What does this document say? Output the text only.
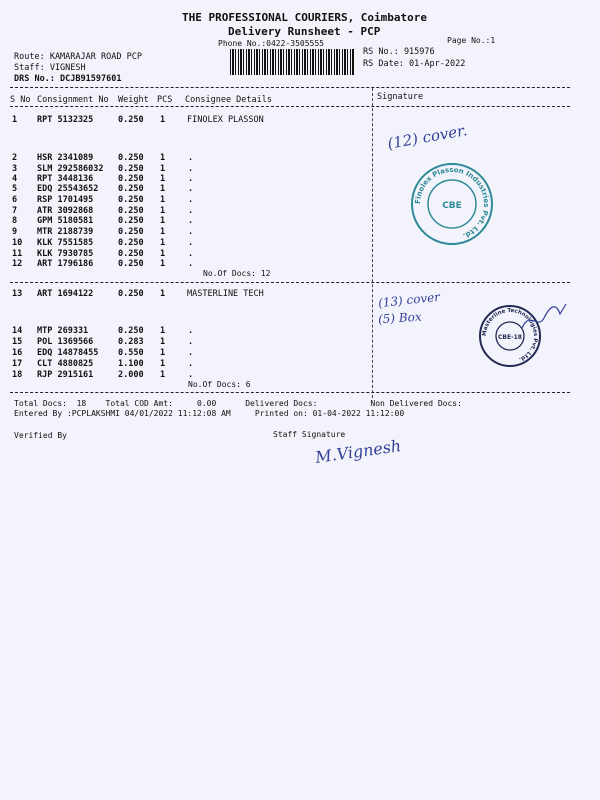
THE PROFESSIONAL COURIERS, Coimbatore
Delivery Runsheet - PCP
Phone No.:0422-3505555	Page No.:1
Route: KAMARAJAR ROAD PCP
Staff: VIGNESH
DRS No.: DCJB91597601
RS No.: 915976
RS Date: 01-Apr-2022
S No Consignment No Weight PCS Consignee Details	Signature
1 RPT 5132325	0.250 1	FINOLEX PLASSON
2 HSR 2341089	0.250 1	.
3 SLM 292586032 0.250 1	.
4 RPT 3448136	0.250 1	.
5 EDQ 25543652 0.250 1	.
6 RSP 1701495	0.250 1	.
7 ATR 3092868	0.250 1	.
8 GPM 5180581	0.250 1	.
9 MTR 2188739	0.250 1	.
10 KLK 7551585	0.250 1	.
11 KLK 7930785	0.250 1	.
12 ART 1796186	0.250 1	.
No.Of Docs: 12
13 ART 1694122	0.250 1	MASTERLINE TECH
14 MTP 269331	0.250 1	.
15 POL 1369566	0.283 1	.
16 EDQ 14878455 0.550 1	.
17 CLT 4880825	1.100 1	.
18 RJP 2915161	2.000 1	.
No.Of Docs: 6
(12) cover.
(13) cover
(5) Box
M.Vignesh
Finolex Plasson Industries Pvt. Ltd.
CBE
Masterline Technologies Pvt. Ltd.
CBE-18
Total Docs:  18    Total COD Amt:     0.00      Delivered Docs:           Non Delivered Docs:
Entered By :PCPLAKSHMI 04/01/2022 11:12:08 AM     Printed on: 01-04-2022 11:12:00
Verified By	Staff Signature
